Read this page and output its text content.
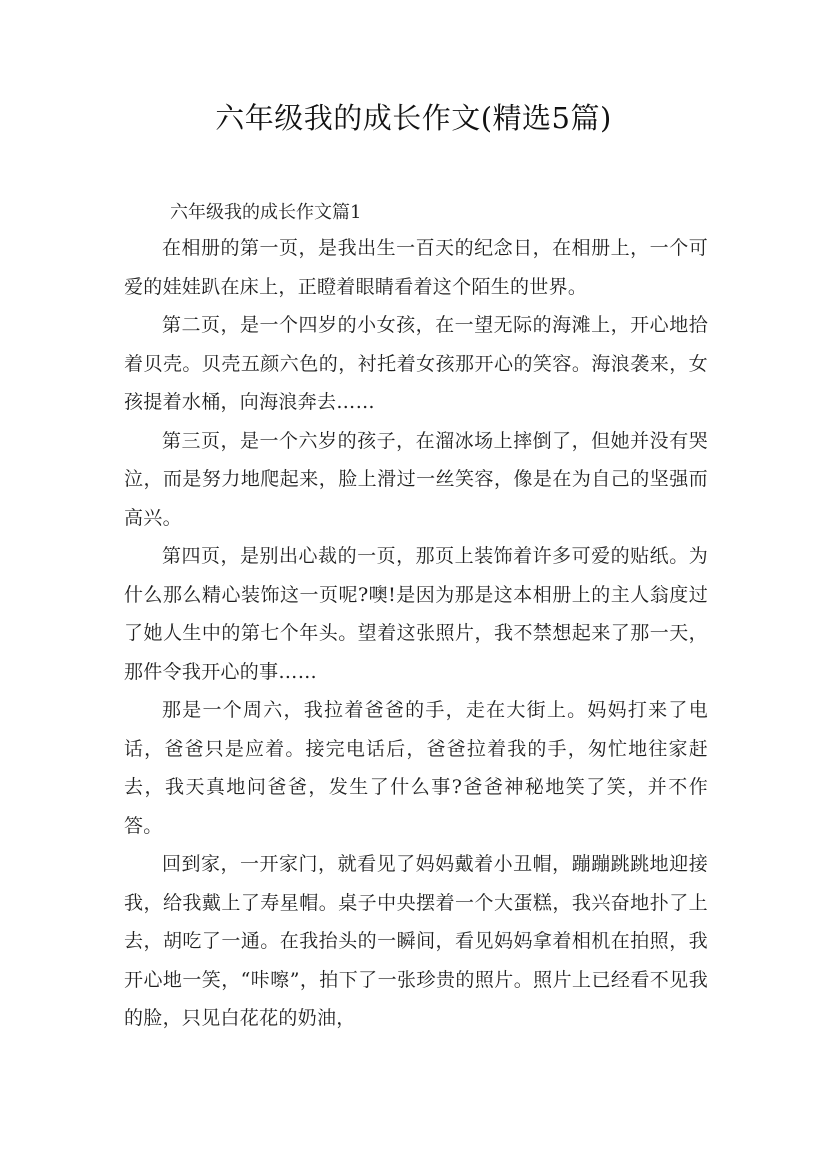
六年级我的成长作文(精选5篇)
六年级我的成长作文篇1

在相册的第一页，是我出生一百天的纪念日，在相册上，一个可爱的娃娃趴在床上，正瞪着眼睛看着这个陌生的世界。

第二页，是一个四岁的小女孩，在一望无际的海滩上，开心地拾着贝壳。贝壳五颜六色的，衬托着女孩那开心的笑容。海浪袭来，女孩提着水桶，向海浪奔去……

第三页，是一个六岁的孩子，在溜冰场上摔倒了，但她并没有哭泣，而是努力地爬起来，脸上滑过一丝笑容，像是在为自己的坚强而高兴。

第四页，是别出心裁的一页，那页上装饰着许多可爱的贴纸。为什么那么精心装饰这一页呢?噢!是因为那是这本相册上的主人翁度过了她人生中的第七个年头。望着这张照片，我不禁想起来了那一天，那件令我开心的事……

那是一个周六，我拉着爸爸的手，走在大街上。妈妈打来了电话，爸爸只是应着。接完电话后，爸爸拉着我的手，匆忙地往家赶去，我天真地问爸爸，发生了什么事?爸爸神秘地笑了笑，并不作答。

回到家，一开家门，就看见了妈妈戴着小丑帽，蹦蹦跳跳地迎接我，给我戴上了寿星帽。桌子中央摆着一个大蛋糕，我兴奋地扑了上去，胡吃了一通。在我抬头的一瞬间，看见妈妈拿着相机在拍照，我开心地一笑，“咔嚓”，拍下了一张珍贵的照片。照片上已经看不见我的脸，只见白花花的奶油，
